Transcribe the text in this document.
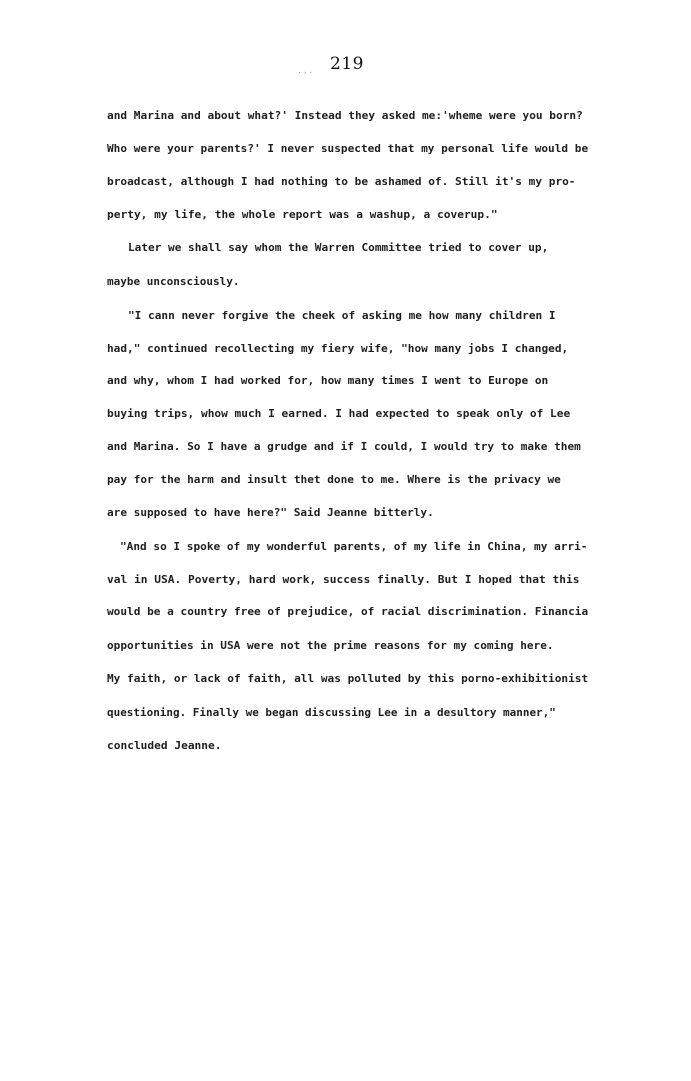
. , . 219
and Marina and about what?' Instead they asked me:'wheme were you born?
Who were your parents?' I never suspected that my personal life would be
broadcast, although I had nothing to be ashamed of. Still it's my pro-
perty, my life, the whole report was a washup, a coverup."
Later we shall say whom the Warren Committee tried to cover up,
maybe unconsciously.
"I cann never forgive the cheek of asking me how many children I
had," continued recollecting my fiery wife, "how many jobs I changed,
and why, whom I had worked for, how many times I went to Europe on
buying trips, whow much I earned. I had expected to speak only of Lee
and Marina. So I have a grudge and if I could, I would try to make them
pay for the harm and insult thet done to me. Where is the privacy we
are supposed to have here?" Said Jeanne bitterly.
"And so I spoke of my wonderful parents, of my life in China, my arri-
val in USA. Poverty, hard work, success finally. But I hoped that this
would be a country free of prejudice, of racial discrimination. Financia
opportunities in USA were not the prime reasons for my coming here.
My faith, or lack of faith, all was polluted by this porno-exhibitionist
questioning. Finally we began discussing Lee in a desultory manner,"
concluded Jeanne.
